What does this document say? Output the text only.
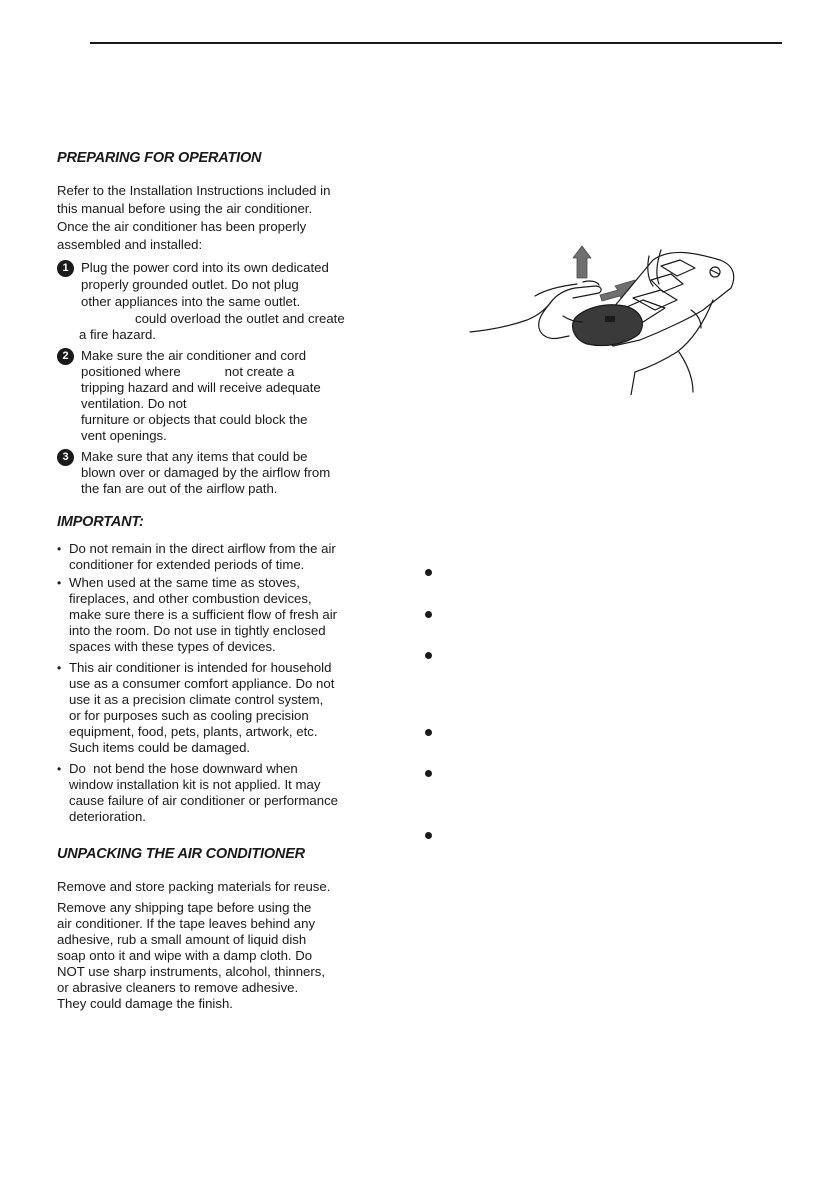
PREPARING FOR OPERATION
Refer to the Installation Instructions included in
this manual before using the air conditioner.
Once the air conditioner has been properly
assembled and installed:
1 Plug the power cord into its own dedicated
properly grounded outlet. Do not plug
other appliances into the same outlet.
could overload the outlet and create
a fire hazard.
2 Make sure the air conditioner and cord
positioned where            not create a
tripping hazard and will receive adequate
ventilation. Do not
furniture or objects that could block the
vent openings.
3 Make sure that any items that could be
blown over or damaged by the airflow from
the fan are out of the airflow path.
IMPORTANT:
• Do not remain in the direct airflow from the air
conditioner for extended periods of time.
• When used at the same time as stoves,
fireplaces, and other combustion devices,
make sure there is a sufficient flow of fresh air
into the room. Do not use in tightly enclosed
spaces with these types of devices.
• This air conditioner is intended for household
use as a consumer comfort appliance. Do not
use it as a precision climate control system,
or for purposes such as cooling precision
equipment, food, pets, plants, artwork, etc.
Such items could be damaged.
• Do  not bend the hose downward when
window installation kit is not applied. It may
cause failure of air conditioner or performance
deterioration.
UNPACKING THE AIR CONDITIONER
Remove and store packing materials for reuse.
Remove any shipping tape before using the
air conditioner. If the tape leaves behind any
adhesive, rub a small amount of liquid dish
soap onto it and wipe with a damp cloth. Do
NOT use sharp instruments, alcohol, thinners,
or abrasive cleaners to remove adhesive.
They could damage the finish.
